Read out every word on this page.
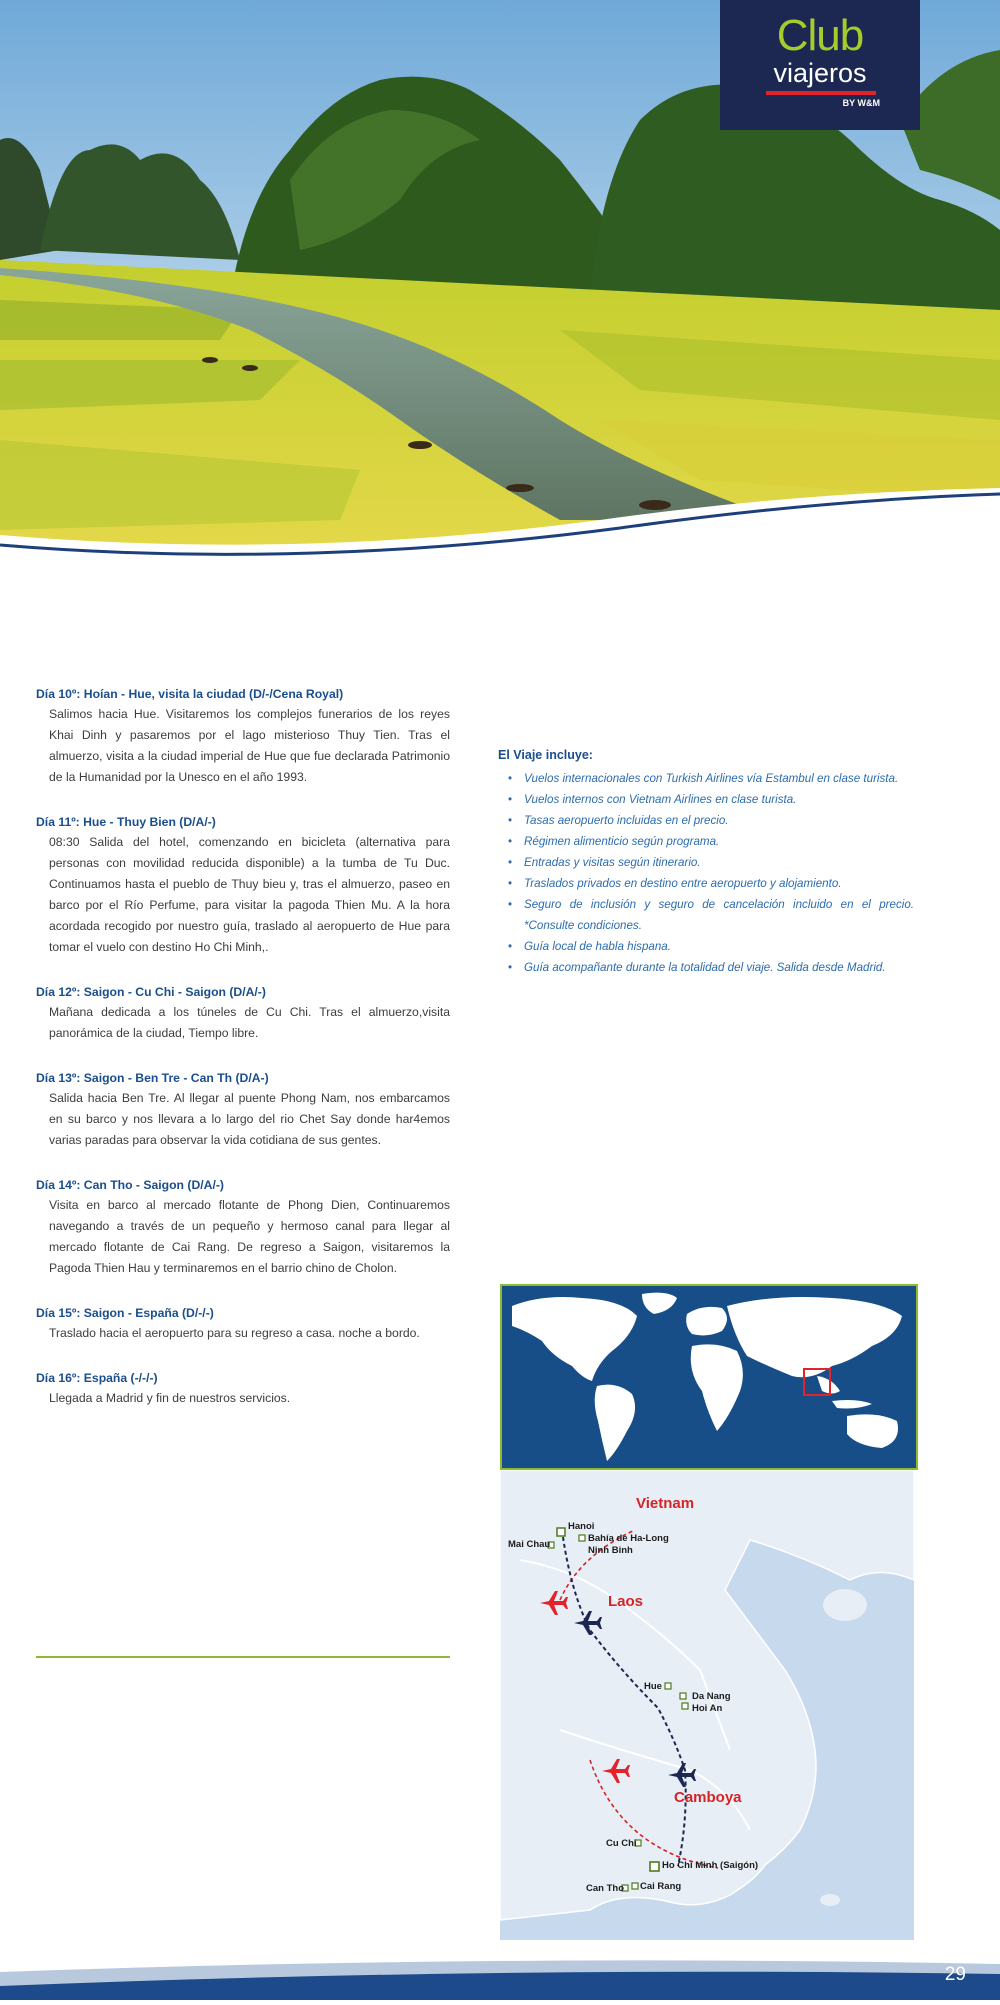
Club
viajeros
BY W&M

Día 10º: Hoían - Hue, visita la ciudad (D/-/Cena Royal)

Salimos hacia Hue. Visitaremos los complejos funerarios de los reyes Khai Dinh y pasaremos por el lago misterioso Thuy Tien. Tras el almuerzo, visita a la ciudad imperial de Hue que fue declarada Patrimonio de la Humanidad por la Unesco en el año 1993.

Día 11º: Hue - Thuy Bien (D/A/-)

08:30 Salida del hotel, comenzando en bicicleta (alternativa para personas con movilidad reducida disponible) a la tumba de Tu Duc. Continuamos hasta el pueblo de Thuy bieu y, tras el almuerzo, paseo en barco por el Río Perfume, para visitar la pagoda Thien Mu. A la hora acordada recogido por nuestro guía, traslado al aeropuerto de Hue para tomar el vuelo con destino Ho Chi Minh,.

Día 12º: Saigon - Cu Chi - Saigon (D/A/-)

Mañana dedicada a los túneles de Cu Chi. Tras el almuerzo,visita panorámica de la ciudad, Tiempo libre.

Día 13º: Saigon - Ben Tre - Can Th (D/A-)

Salida hacia Ben Tre. Al llegar al puente Phong Nam, nos embarcamos en su barco y nos llevara a lo largo del rio Chet Say donde har4emos varias paradas para observar la vida cotidiana de sus gentes.

Día 14º: Can Tho - Saigon (D/A/-)

Visita en barco al mercado flotante de Phong Dien, Continuaremos navegando a través de un pequeño y hermoso canal para llegar al mercado flotante de Cai Rang. De regreso a Saigon, visitaremos la Pagoda Thien Hau y terminaremos en el barrio chino de Cholon.

Día 15º: Saigon - España (D/-/-)

Traslado hacia el aeropuerto para su regreso a casa. noche a bordo.

Día 16º: España (-/-/-)

Llegada a Madrid y fin de nuestros servicios.

El Viaje incluye:
• Vuelos internacionales con Turkish Airlines vía Estambul en clase turista.
• Vuelos internos con Vietnam Airlines en clase turista.
• Tasas aeropuerto incluidas en el precio.
• Régimen alimenticio según programa.
• Entradas y visitas según itinerario.
• Traslados privados en destino entre aeropuerto y alojamiento.
• Seguro de inclusión y seguro de cancelación incluido en el precio. *Consulte condiciones.
• Guía local de habla hispana.
• Guía acompañante durante la totalidad del viaje. Salida desde Madrid.
Vietnam
Laos
Camboya
Hanoi
Bahía de Ha-Long
Mai Chau
Ninh Binh
Hue
Da Nang
Hoi An
Cu Chi
Ho Chi Minh (Saigón)
Can Tho Cai Rang
29
